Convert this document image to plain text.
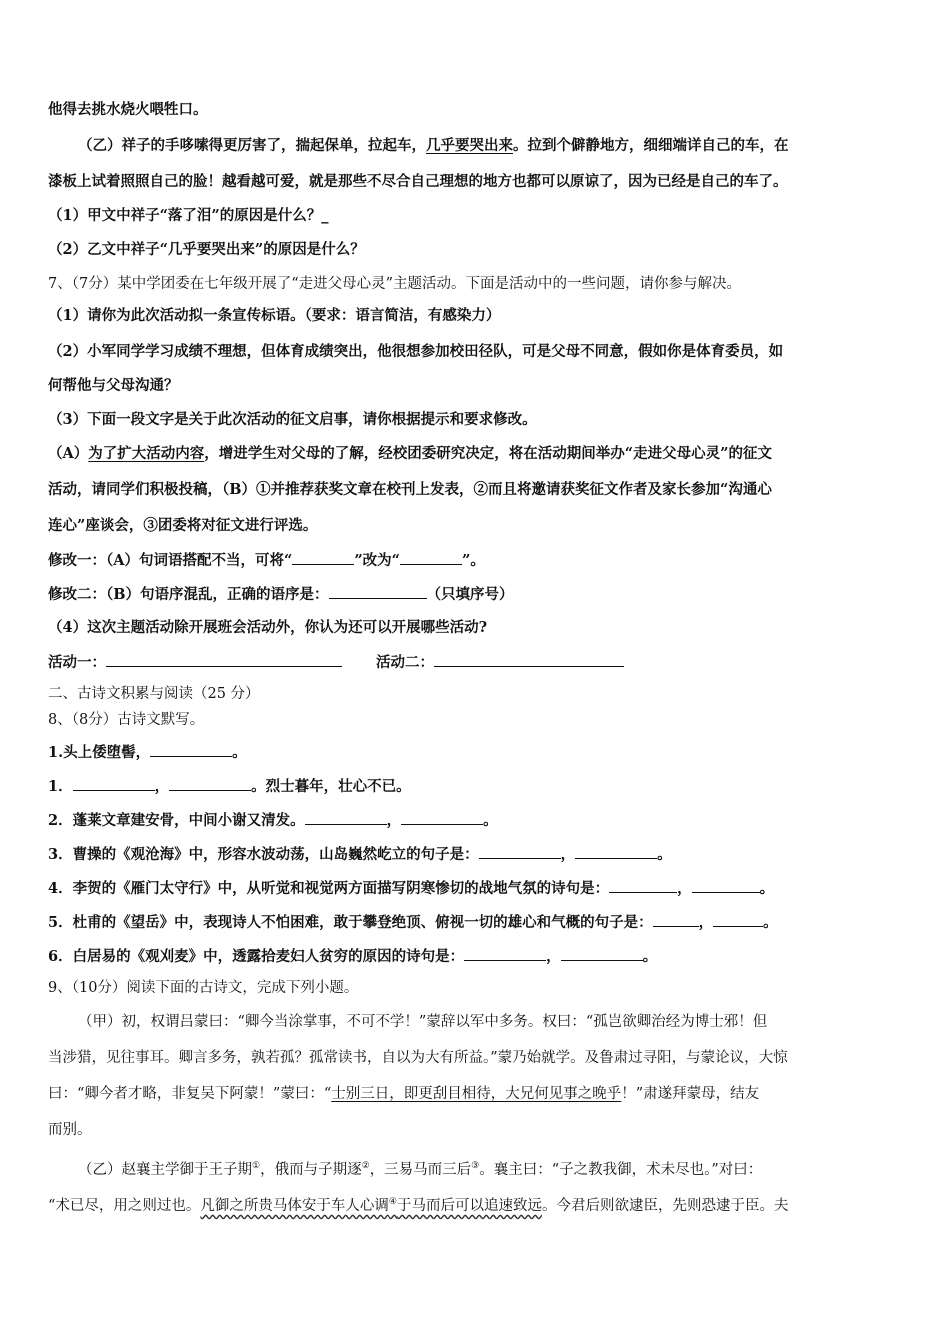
他得去挑水烧火喂牲口。
（乙）祥子的手哆嗦得更厉害了，揣起保单，拉起车，几乎要哭出来。拉到个僻静地方，细细端详自己的车，在
漆板上试着照照自己的脸！越看越可爱，就是那些不尽合自己理想的地方也都可以原谅了，因为已经是自己的车了。
（1）甲文中祥子“落了泪”的原因是什么？_
（2）乙文中祥子“几乎要哭出来”的原因是什么？
7、（7分）某中学团委在七年级开展了“走进父母心灵”主题活动。下面是活动中的一些问题，请你参与解决。
（1）请你为此次活动拟一条宣传标语。（要求：语言简洁，有感染力）
（2）小军同学学习成绩不理想，但体育成绩突出，他很想参加校田径队，可是父母不同意，假如你是体育委员，如
何帮他与父母沟通？
（3）下面一段文字是关于此次活动的征文启事，请你根据提示和要求修改。
（A）为了扩大活动内容，增进学生对父母的了解，经校团委研究决定，将在活动期间举办“走进父母心灵”的征文
活动，请同学们积极投稿，（B）①并推荐获奖文章在校刊上发表，②而且将邀请获奖征文作者及家长参加“沟通心
连心”座谈会，③团委将对征文进行评选。
修改一：（A）句词语搭配不当，可将“	”改为“	”。
修改二：（B）句语序混乱，正确的语序是：	（只填序号）
（4）这次主题活动除开展班会活动外，你认为还可以开展哪些活动?
活动一：	活动二：
二、古诗文积累与阅读（25 分）
8、（8分）古诗文默写。
1.头上倭堕髻，	。
1．	，	。烈士暮年，壮心不已。
2．蓬莱文章建安骨，中间小谢又清发。	，	。
3．曹操的《观沧海》中，形容水波动荡，山岛巍然屹立的句子是：	，	。
4．李贺的《雁门太守行》中，从听觉和视觉两方面描写阴寒惨切的战地气氛的诗句是：	，	。
5．杜甫的《望岳》中，表现诗人不怕困难，敢于攀登绝顶、俯视一切的雄心和气概的句子是：	，	。
6．白居易的《观刈麦》中，透露拾麦妇人贫穷的原因的诗句是：	，	。
9、（10分）阅读下面的古诗文，完成下列小题。
（甲）初，权谓吕蒙曰：“卿今当涂掌事，不可不学！”蒙辞以军中多务。权曰：“孤岂欲卿治经为博士邪！但
当涉猎，见往事耳。卿言多务，孰若孤？孤常读书，自以为大有所益。”蒙乃始就学。及鲁肃过寻阳，与蒙论议，大惊
曰：“卿今者才略，非复吴下阿蒙！”蒙曰：“士别三日，即更刮目相待，大兄何见事之晚乎！”肃遂拜蒙母，结友
而别。
（乙）赵襄主学御于王子期①，俄而与子期逐②，三易马而三后③。襄主曰：“子之教我御，术未尽也。”对曰：
“术已尽，用之则过也。凡御之所贵马体安于车人心调④于马而后可以追速致远。今君后则欲逮臣，先则恐逮于臣。夫
